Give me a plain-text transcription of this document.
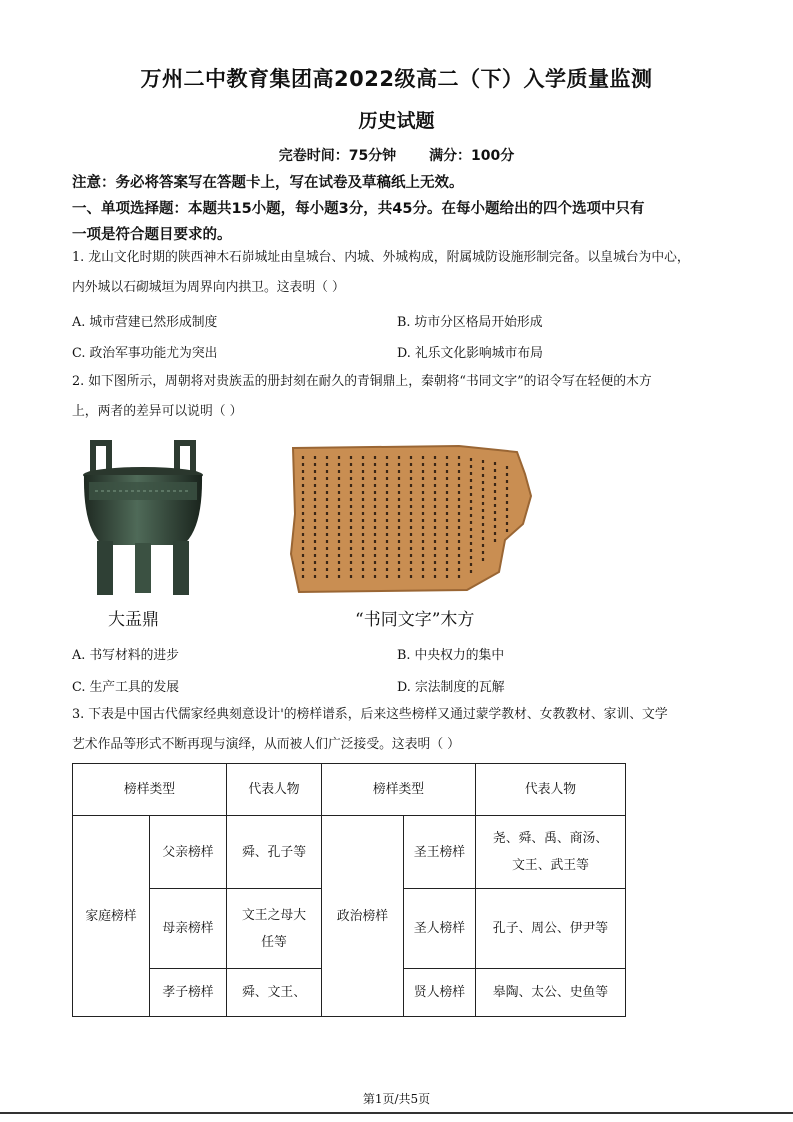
万州二中教育集团高2022级高二（下）入学质量监测
历史试题
完卷时间：75分钟 满分：100分
注意：务必将答案写在答题卡上，写在试卷及草稿纸上无效。
一、单项选择题：本题共15小题，每小题3分，共45分。在每小题给出的四个选项中只有
一项是符合题目要求的。
1. 龙山文化时期的陕西神木石峁城址由皇城台、内城、外城构成，附属城防设施形制完备。以皇城台为中心，
内外城以石砌城垣为周界向内拱卫。这表明（ ）
A. 城市营建已然形成制度	B. 坊市分区格局开始形成
C. 政治军事功能尤为突出	D. 礼乐文化影响城市布局
2. 如下图所示，周朝将对贵族盂的册封刻在耐久的青铜鼎上，秦朝将“书同文字”的诏令写在轻便的木方
上，两者的差异可以说明（ ）
大盂鼎	“书同文字”木方
A. 书写材料的进步	B. 中央权力的集中
C. 生产工具的发展	D. 宗法制度的瓦解
3. 下表是中国古代儒家经典刻意设计'的榜样谱系，后来这些榜样又通过蒙学教材、女教教材、家训、文学
艺术作品等形式不断再现与演绎，从而被人们广泛接受。这表明（ ）
榜样类型		代表人物	榜样类型		代表人物
家庭榜样	父亲榜样	舜、孔子等	政治榜样	圣王榜样	尧、舜、禹、商汤、
文王、武王等

	母亲榜样	文王之母大
任等		圣人榜样	孔子、周公、伊尹等
	孝子榜样	舜、文王、		贤人榜样	皋陶、太公、史鱼等
第1页/共5页
